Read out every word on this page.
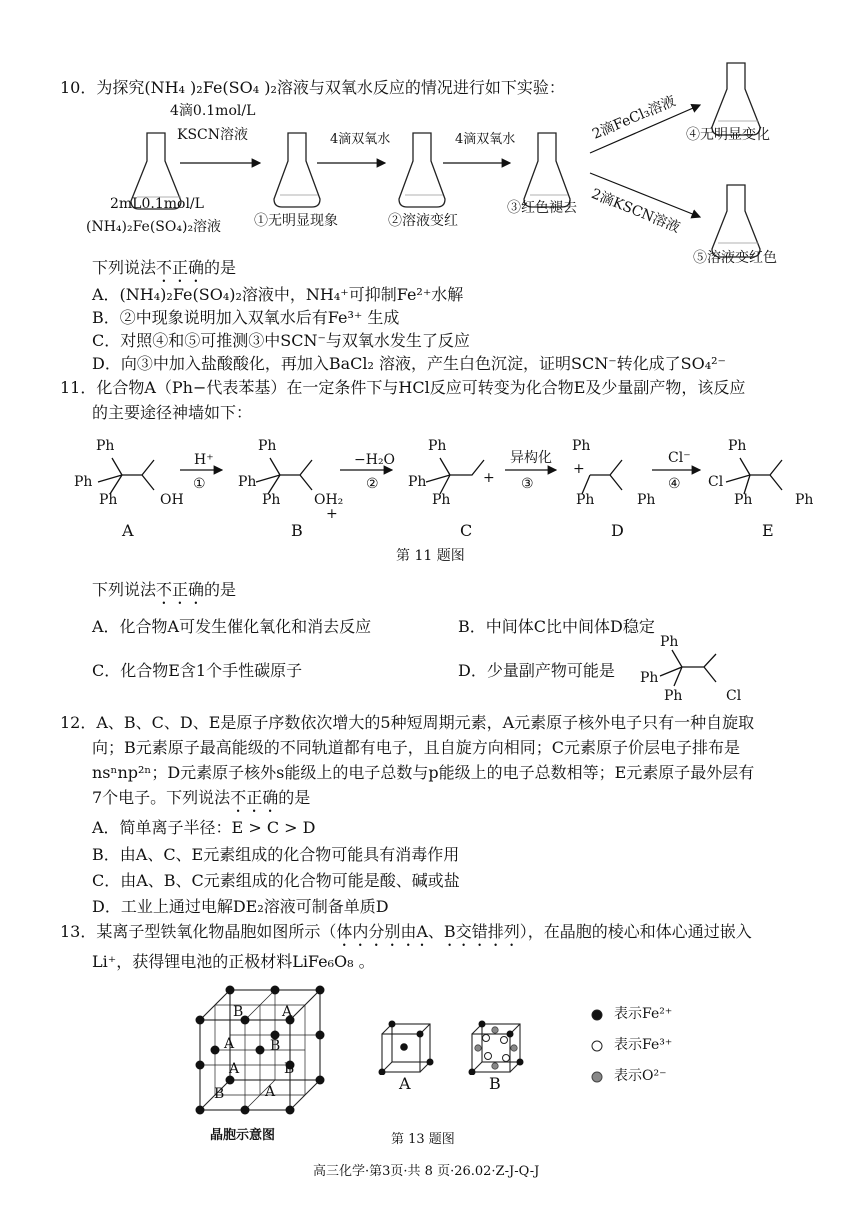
10．为探究(NH₄ )₂Fe(SO₄ )₂溶液与双氧水反应的情况进行如下实验：
4滴0.1mol/L
KSCN溶液	4滴双氧水	4滴双氧水
2mL0.1mol/L
(NH₄)₂Fe(SO₄)₂溶液 ①无明显现象	②溶液变红
③红色褪去
2滴FeCl₃溶液
2滴KSCN溶液
④无明显变化
⑤溶液变红色
下列说法不正确的是
A．(NH₄)₂Fe(SO₄)₂溶液中，NH₄⁺可抑制Fe²⁺水解
B．②中现象说明加入双氧水后有Fe³⁺ 生成
C．对照④和⑤可推测③中SCN⁻与双氧水发生了反应
D．向③中加入盐酸酸化，再加入BaCl₂ 溶液，产生白色沉淀，证明SCN⁻转化成了SO₄²⁻
11．化合物A（Ph−代表苯基）在一定条件下与HCl反应可转变为化合物E及少量副产物，该反应
的主要途径神墙如下：
Ph
Ph
Ph	OH
H⁺
①
Ph
Ph
Ph OH₂
+
−H₂O
②
Ph
Ph
Ph
+
异构化
③
Ph
+
Ph	Ph
Cl⁻
④
Ph
Cl
Ph	Ph
A	B	C	D	E
第 11 题图
下列说法不正确的是
A．化合物A可发生催化氧化和消去反应	B．中间体C比中间体D稳定
C．化合物E含1个手性碳原子	D．少量副产物可能是
Ph
Ph
Ph	Cl
12．A、B、C、D、E是原子序数依次增大的5种短周期元素，A元素原子核外电子只有一种自旋取
向；B元素原子最高能级的不同轨道都有电子，且自旋方向相同；C元素原子价层电子排布是
nsⁿnp²ⁿ；D元素原子核外s能级上的电子总数与p能级上的电子总数相等；E元素原子最外层有
7个电子。下列说法不正确的是
A．简单离子半径：E > C > D
B．由A、C、E元素组成的化合物可能具有消毒作用
C．由A、B、C元素组成的化合物可能是酸、碱或盐
D．工业上通过电解DE₂溶液可制备单质D
13．某离子型铁氧化物晶胞如图所示（体内分别由A、B交错排列），在晶胞的棱心和体心通过嵌入
Li⁺，获得锂电池的正极材料LiFe₆O₈ 。
B	A
A	B
A	B
B	A
晶胞示意图
A	B
表示Fe²⁺
表示Fe³⁺
表示O²⁻
第 13 题图
高三化学·第3页·共 8 页·26.02·Z-J-Q-J
